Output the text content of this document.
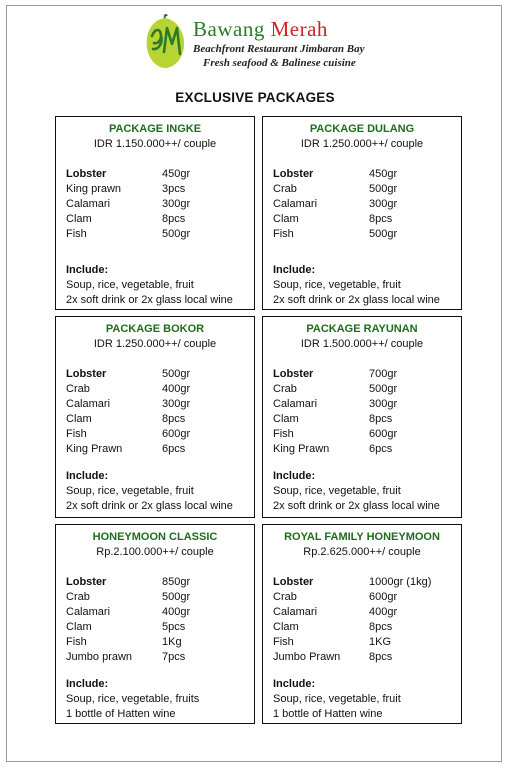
Bawang Merah
Beachfront Restaurant Jimbaran Bay
Fresh seafood & Balinese cuisine
EXCLUSIVE PACKAGES
PACKAGE INGKE
IDR 1.150.000++/ couple
Lobster	450gr
King prawn	3pcs
Calamari	300gr
Clam	8pcs
Fish	500gr
Include:
Soup, rice, vegetable, fruit
2x soft drink or 2x glass local wine
PACKAGE DULANG
IDR 1.250.000++/ couple
Lobster	450gr
Crab	500gr
Calamari	300gr
Clam	8pcs
Fish	500gr
Include:
Soup, rice, vegetable, fruit
2x soft drink or 2x glass local wine
PACKAGE BOKOR
IDR 1.250.000++/ couple
Lobster	500gr
Crab	400gr
Calamari	300gr
Clam	8pcs
Fish	600gr
King Prawn	6pcs
Include:
Soup, rice, vegetable, fruit
2x soft drink or 2x glass local wine
PACKAGE RAYUNAN
IDR 1.500.000++/ couple
Lobster	700gr
Crab	500gr
Calamari	300gr
Clam	8pcs
Fish	600gr
King Prawn	6pcs
Include:
Soup, rice, vegetable, fruit
2x soft drink or 2x glass local wine
HONEYMOON CLASSIC
Rp.2.100.000++/ couple
Lobster	850gr
Crab	500gr
Calamari	400gr
Clam	5pcs
Fish	1Kg
Jumbo prawn	7pcs
Include:
Soup, rice, vegetable, fruits
1 bottle of Hatten wine
ROYAL FAMILY HONEYMOON
Rp.2.625.000++/ couple
Lobster	1000gr (1kg)
Crab	600gr
Calamari	400gr
Clam	8pcs
Fish	1KG
Jumbo Prawn	8pcs
Include:
Soup, rice, vegetable, fruit
1 bottle of Hatten wine
